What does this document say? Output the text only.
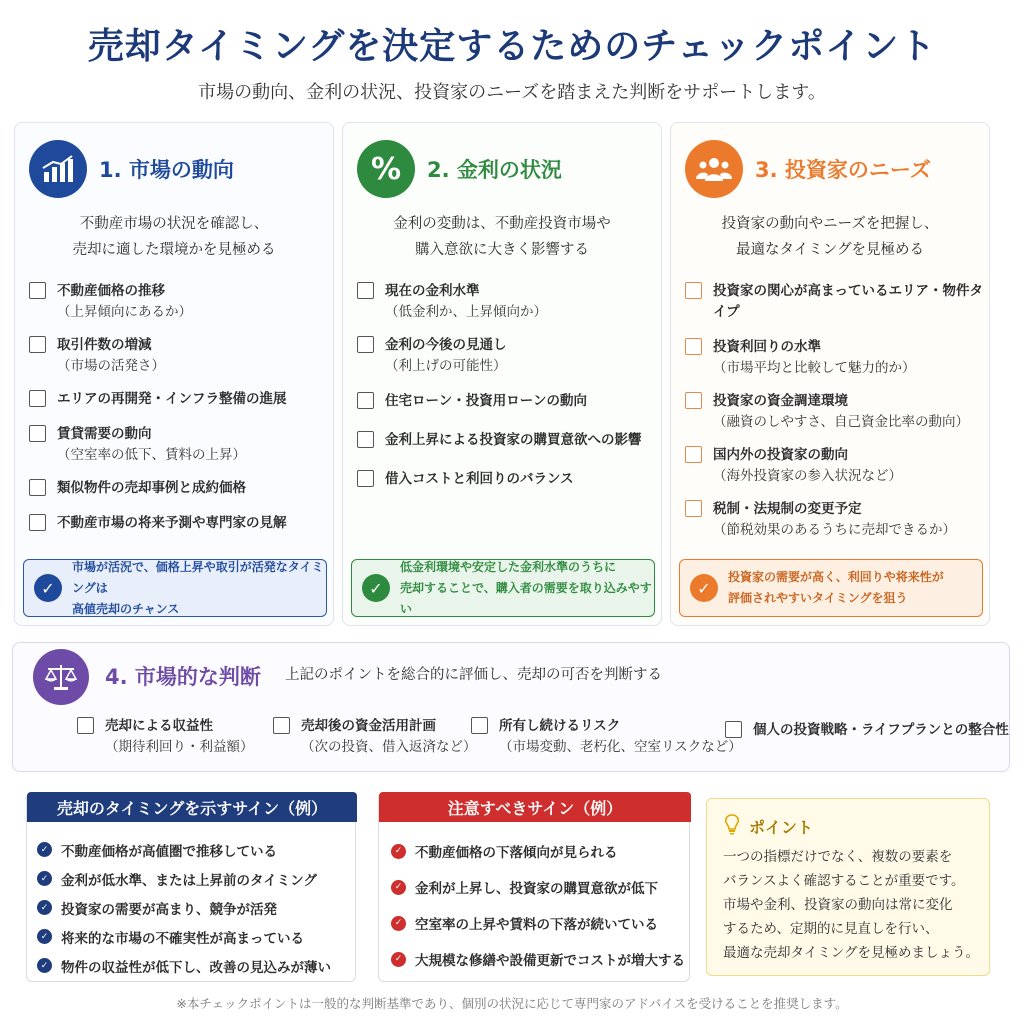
売却タイミングを決定するためのチェックポイント
市場の動向、金利の状況、投資家のニーズを踏まえた判断をサポートします。
1. 市場の動向
不動産市場の状況を確認し、
売却に適した環境かを見極める
不動産価格の推移
（上昇傾向にあるか）
取引件数の増減
（市場の活発さ）
エリアの再開発・インフラ整備の進展
賃貸需要の動向
（空室率の低下、賃料の上昇）
類似物件の売却事例と成約価格
不動産市場の将来予測や専門家の見解
✓
市場が活況で、価格上昇や取引が活発なタイミングは
高値売却のチャンス
%	2. 金利の状況
金利の変動は、不動産投資市場や
購入意欲に大きく影響する
現在の金利水準
（低金利か、上昇傾向か）
金利の今後の見通し
（利上げの可能性）
住宅ローン・投資用ローンの動向
金利上昇による投資家の購買意欲への影響
借入コストと利回りのバランス
✓
低金利環境や安定した金利水準のうちに
売却することで、購入者の需要を取り込みやすい
3. 投資家のニーズ
投資家の動向やニーズを把握し、
最適なタイミングを見極める
投資家の関心が高まっているエリア・物件タイプ
投資利回りの水準
（市場平均と比較して魅力的か）
投資家の資金調達環境
（融資のしやすさ、自己資金比率の動向）
国内外の投資家の動向
（海外投資家の参入状況など）
税制・法規制の変更予定
（節税効果のあるうちに売却できるか）
✓
投資家の需要が高く、利回りや将来性が
評価されやすいタイミングを狙う
4. 市場的な判断 上記のポイントを総合的に評価し、売却の可否を判断する
売却による収益性
（期待利回り・利益額）
売却後の資金活用計画
（次の投資、借入返済など）
所有し続けるリスク
（市場変動、老朽化、空室リスクなど）
個人の投資戦略・ライフプランとの整合性
売却のタイミングを示すサイン（例）
✓ 不動産価格が高値圏で推移している
✓ 金利が低水準、または上昇前のタイミング
✓ 投資家の需要が高まり、競争が活発
✓ 将来的な市場の不確実性が高まっている
✓ 物件の収益性が低下し、改善の見込みが薄い
注意すべきサイン（例）
✓ 不動産価格の下落傾向が見られる
✓ 金利が上昇し、投資家の購買意欲が低下
✓ 空室率の上昇や賃料の下落が続いている
✓ 大規模な修繕や設備更新でコストが増大する
ポイント
一つの指標だけでなく、複数の要素を
バランスよく確認することが重要です。
市場や金利、投資家の動向は常に変化
するため、定期的に見直しを行い、
最適な売却タイミングを見極めましょう。
※本チェックポイントは一般的な判断基準であり、個別の状況に応じて専門家のアドバイスを受けることを推奨します。
